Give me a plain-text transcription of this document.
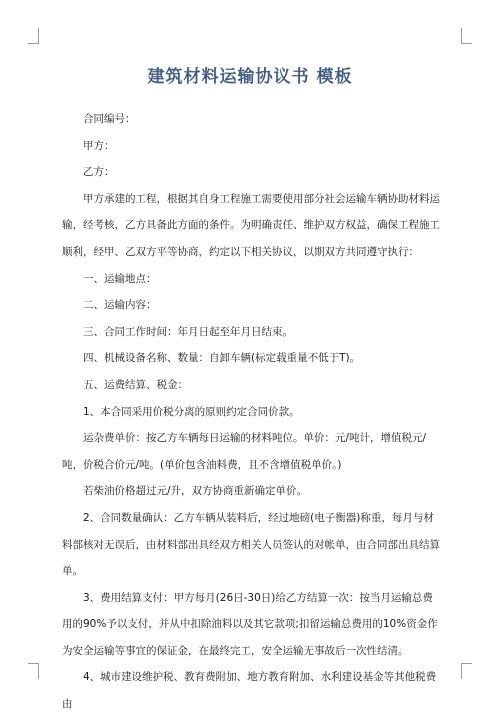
建筑材料运输协议书 模板

合同编号：

甲方：

乙方：

甲方承建的工程，根据其自身工程施工需要使用部分社会运输车辆协助材料运输，经考核，乙方具备此方面的条件。为明确责任、维护双方权益，确保工程施工顺利，经甲、乙双方平等协商，约定以下相关协议，以期双方共同遵守执行：

一、运输地点：

二、运输内容：

三、合同工作时间：年月日起至年月日结束。

四、机械设备名称、数量：自卸车辆(标定载重量不低于T)。

五、运费结算、税金：

1、本合同采用价税分离的原则约定合同价款。

运杂费单价：按乙方车辆每日运输的材料吨位。单价：元/吨计，增值税元/吨，价税合价元/吨。(单价包含油料费，且不含增值税单价。)

若柴油价格超过元/升，双方协商重新确定单价。

2、合同数量确认：乙方车辆从装料后，经过地磅(电子衡器)称重，每月与材料部核对无误后，由材料部出具经双方相关人员签认的对帐单，由合同部出具结算单。

3、费用结算支付：甲方每月(26日-30日)给乙方结算一次：按当月运输总费用的90%予以支付，并从中扣除油料以及其它款项;扣留运输总费用的10%资金作为安全运输等事宜的保证金，在最终完工，安全运输无事故后一次性结清。

4、城市建设维护税、教育费附加、地方教育附加、水利建设基金等其他税费由
